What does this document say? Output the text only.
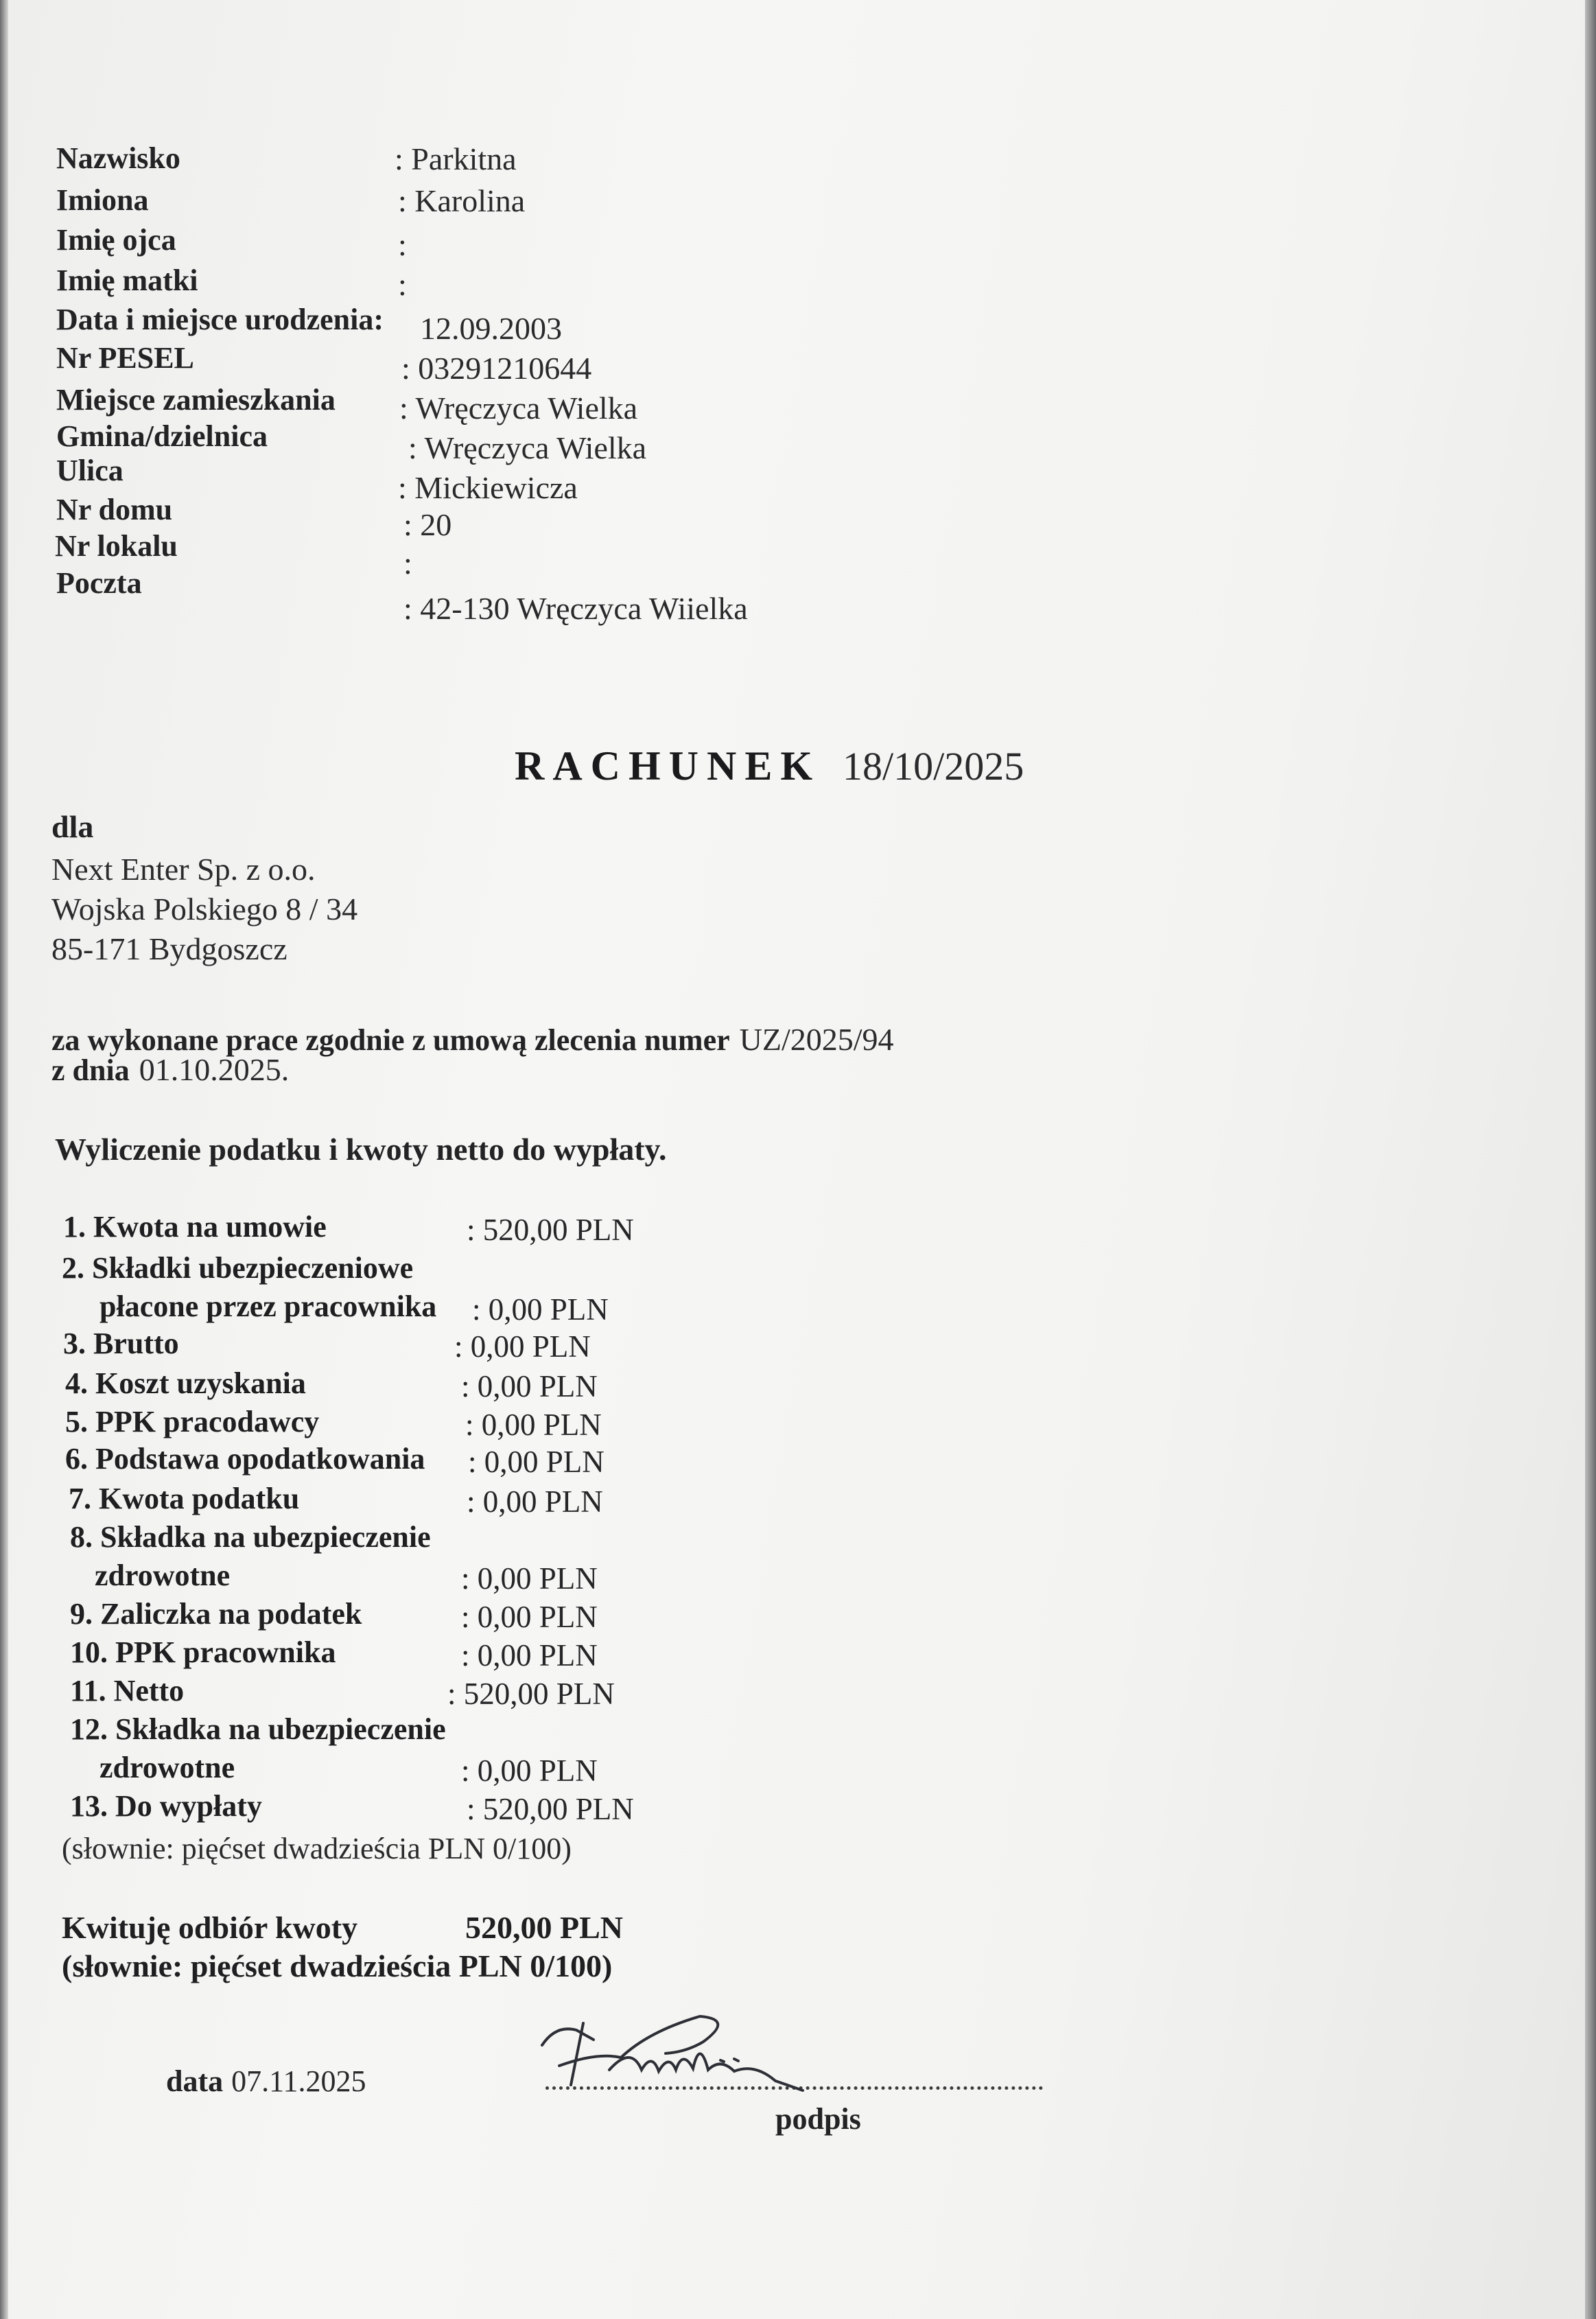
Nazwisko	: Parkitna
Imiona	: Karolina
Imię ojca	:
Imię matki	:
Data i miejsce urodzenia: 12.09.2003
Nr PESEL	: 03291210644
Miejsce zamieszkania : Wręczyca Wielka
Gmina/dzielnica	: Wręczyca Wielka
Ulica	: Mickiewicza
Nr domu	: 20
Nr lokalu	:
Poczta
: 42-130 Wręczyca Wiielka
RACHUNEK 18/10/2025
dla
Next Enter Sp. z o.o.
Wojska Polskiego 8 / 34
85-171 Bydgoszcz
za wykonane prace zgodnie z umową zlecenia numer UZ/2025/94
z dnia 01.10.2025.
Wyliczenie podatku i kwoty netto do wypłaty.
1. Kwota na umowie	: 520,00 PLN
2. Składki ubezpieczeniowe
płacone przez pracownika : 0,00 PLN
3. Brutto	: 0,00 PLN
4. Koszt uzyskania	: 0,00 PLN
5. PPK pracodawcy	: 0,00 PLN
6. Podstawa opodatkowania : 0,00 PLN
7. Kwota podatku	: 0,00 PLN
8. Składka na ubezpieczenie
zdrowotne	: 0,00 PLN
9. Zaliczka na podatek	: 0,00 PLN
10. PPK pracownika	: 0,00 PLN
11. Netto	: 520,00 PLN
12. Składka na ubezpieczenie
zdrowotne	: 0,00 PLN
13. Do wypłaty	: 520,00 PLN
(słownie: pięćset dwadzieścia PLN 0/100)
Kwituję odbiór kwoty	520,00 PLN
(słownie: pięćset dwadzieścia PLN 0/100)
data 07.11.2025
podpis
